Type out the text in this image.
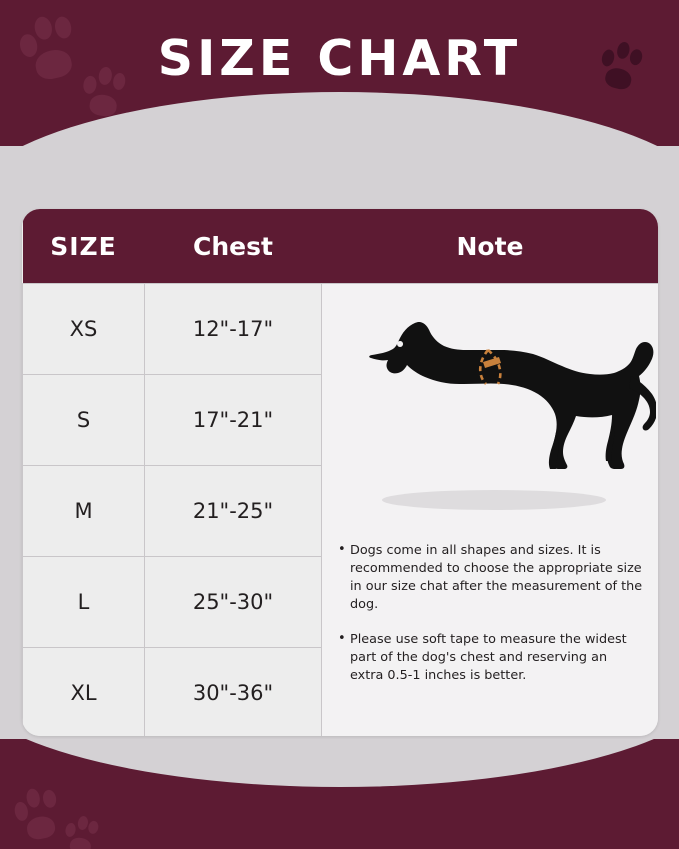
SIZE CHART
SIZE	Chest	Note
XS	12"-17"	
• Dogs come in all shapes and sizes. It is recommended to choose the appropriate size in our size chat after the measurement of the dog.
• Please use soft tape to measure the widest part of the dog's chest and reserving an extra 0.5-1 inches is better.

S	17"-21"	
M	21"-25"	
L	25"-30"	
XL	30"-36"	
